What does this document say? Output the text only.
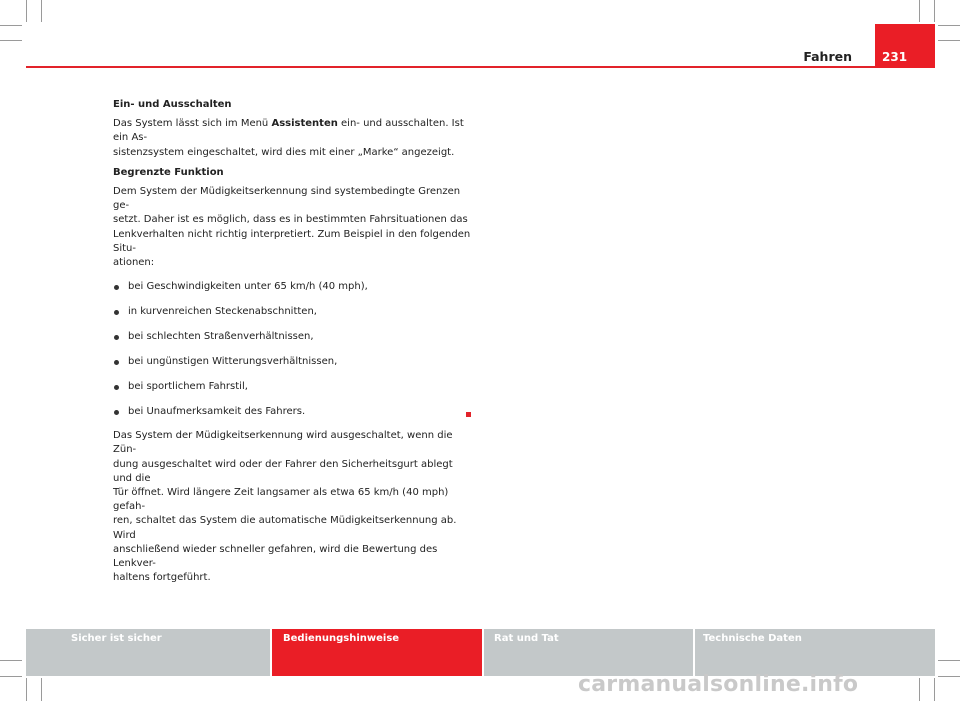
Fahren	231

Ein- und Ausschalten

Das System lässt sich im Menü Assistenten ein- und ausschalten. Ist ein As-
sistenzsystem eingeschaltet, wird dies mit einer „Marke“ angezeigt.

Begrenzte Funktion

Dem System der Müdigkeitserkennung sind systembedingte Grenzen ge-
setzt. Daher ist es möglich, dass es in bestimmten Fahrsituationen das
Lenkverhalten nicht richtig interpretiert. Zum Beispiel in den folgenden Situ-
ationen:

bei Geschwindigkeiten unter 65 km/h (40 mph),
in kurvenreichen Steckenabschnitten,
bei schlechten Straßenverhältnissen,
bei ungünstigen Witterungsverhältnissen,
bei sportlichem Fahrstil,
bei Unaufmerksamkeit des Fahrers.

Das System der Müdigkeitserkennung wird ausgeschaltet, wenn die Zün-
dung ausgeschaltet wird oder der Fahrer den Sicherheitsgurt ablegt und die
Tür öffnet. Wird längere Zeit langsamer als etwa 65 km/h (40 mph) gefah-
ren, schaltet das System die automatische Müdigkeitserkennung ab. Wird
anschließend wieder schneller gefahren, wird die Bewertung des Lenkver-
haltens fortgeführt.

Sicher ist sicher	Bedienungshinweise	Rat und Tat	Technische Daten
carmanualsonline.info
